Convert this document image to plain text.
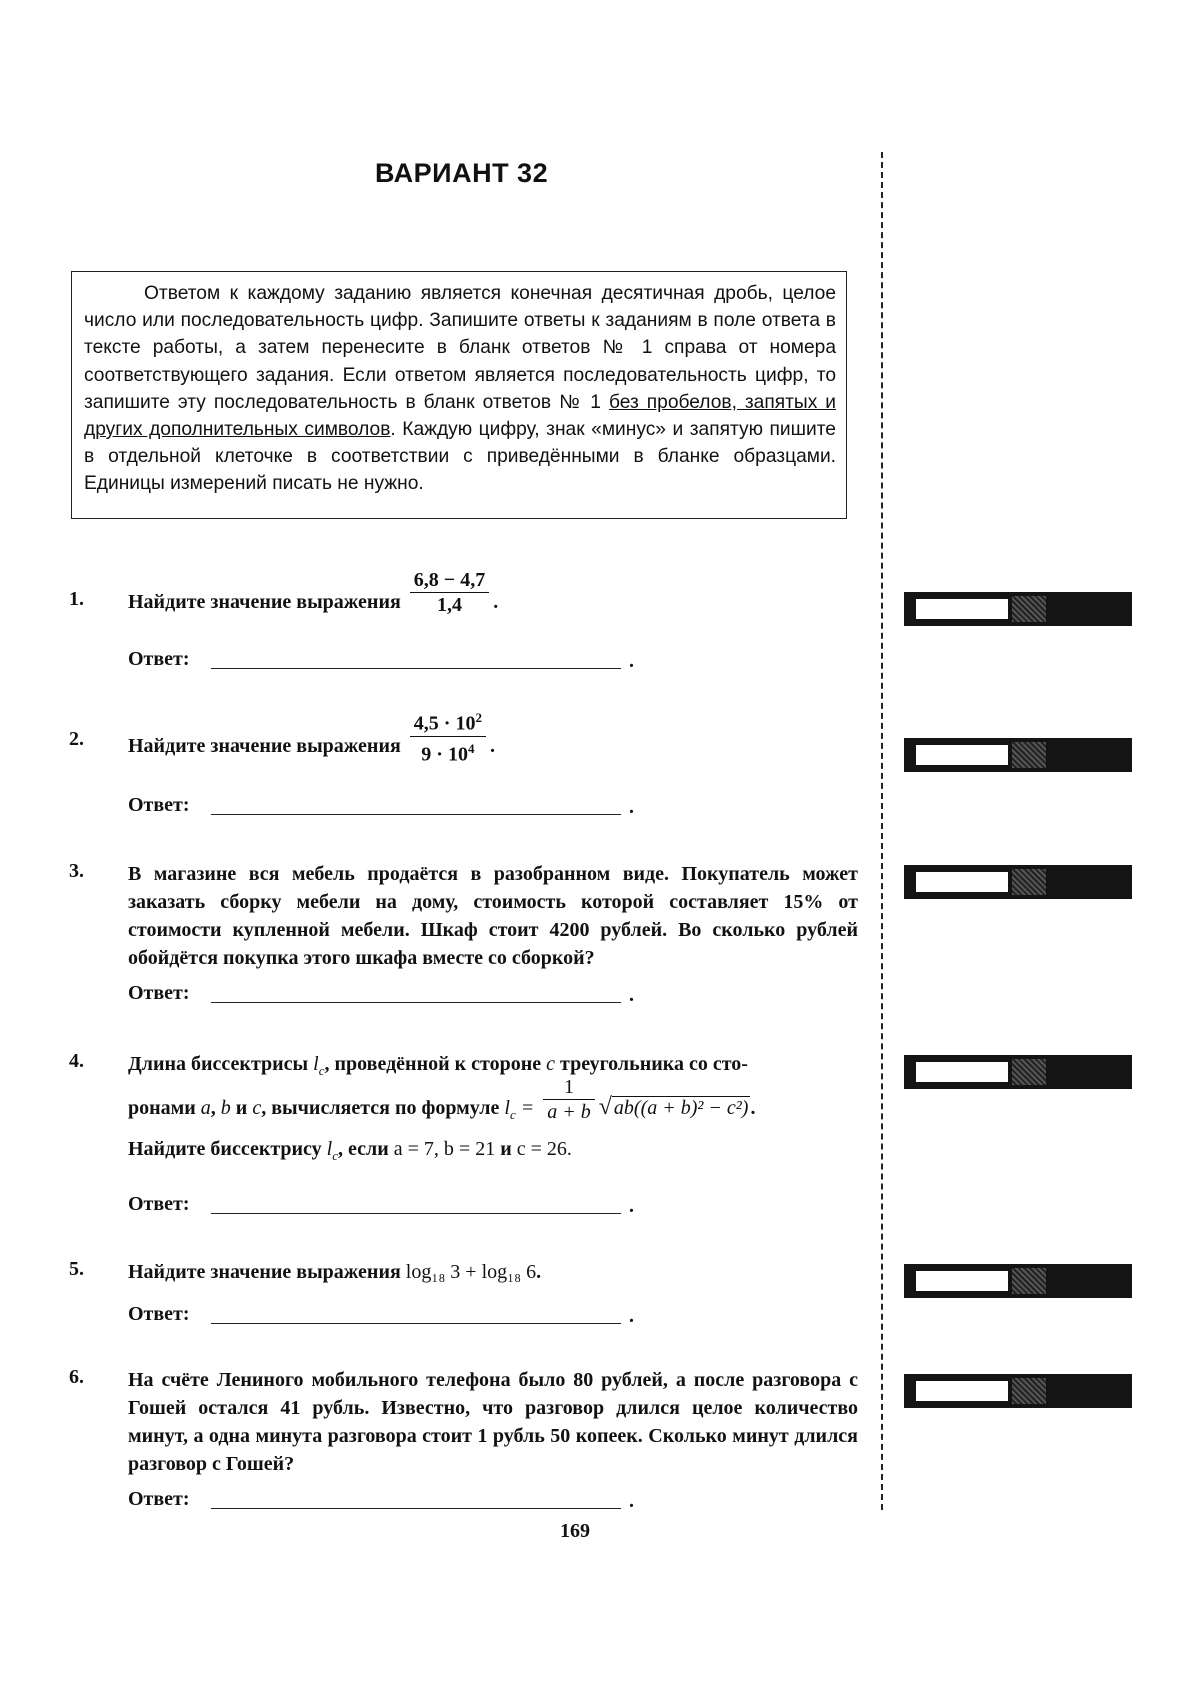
ВАРИАНТ 32

Ответом к каждому заданию является конечная десятичная дробь, целое число или последовательность цифр. Запишите ответы к заданиям в поле ответа в тексте работы, а затем перенесите в бланк ответов № 1 справа от номера соответствующего задания. Если ответом является последовательность цифр, то запишите эту последовательность в бланк ответов № 1 без пробелов, запятых и других дополнительных символов. Каждую цифру, знак «минус» и запятую пишите в отдельной клеточке в соответствии с приведёнными в бланке образцами. Единицы измерений писать не нужно.

1. Найдите значение выражения $\frac{6,8 - 4,7}{1,4}$ .
Ответ:	.
2. Найдите значение выражения $\frac{4,5 \cdot 10^2}{9 \cdot 10^4}$ .
Ответ:	.
3. В магазине вся мебель продаётся в разобранном виде. Покупатель может заказать сборку мебели на дому, стоимость которой составляет 15% от стоимости купленной мебели. Шкаф стоит 4200 рублей. Во сколько рублей обойдётся покупка этого шкафа вместе со сборкой?
Ответ:	.
4. Длина биссектрисы $l_c$, проведённой к стороне c треугольника со сто-
ронами a, b и c, вычисляется по формуле $l_c = \frac{1}{a + b}$ √ ab((a + b)² − c²) .
Найдите биссектрису $l_c$, если a = 7, b = 21 и c = 26.
Ответ:	.
5. Найдите значение выражения log₁₈ 3 + log₁₈ 6.
Ответ:	.
6. На счёте Лениного мобильного телефона было 80 рублей, а после разговора с Гошей остался 41 рубль. Известно, что разговор длился целое количество минут, а одна минута разговора стоит 1 рубль 50 копеек. Сколько минут длился разговор с Гошей?
Ответ:	.
169
